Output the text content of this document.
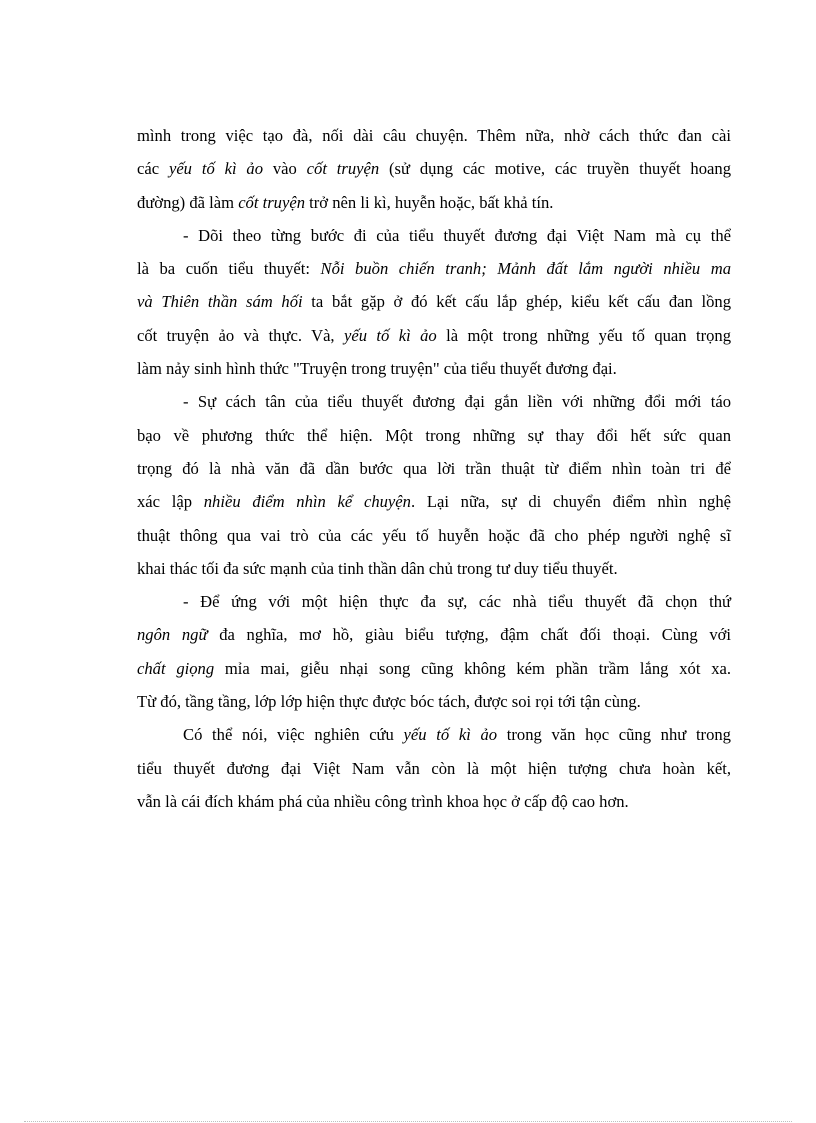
mình trong việc tạo đà, nối dài câu chuyện. Thêm nữa, nhờ cách thức đan cài
các yếu tố kì ảo vào cốt truyện (sử dụng các motive, các truyền thuyết hoang
đường) đã làm cốt truyện trở nên li kì, huyễn hoặc, bất khả tín.

- Dõi theo từng bước đi của tiểu thuyết đương đại Việt Nam mà cụ thể
là ba cuốn tiểu thuyết: Nỗi buồn chiến tranh; Mảnh đất lắm người nhiều ma
và Thiên thần sám hối ta bắt gặp ở đó kết cấu lắp ghép, kiểu kết cấu đan lồng
cốt truyện ảo và thực. Và, yếu tố kì ảo là một trong những yếu tố quan trọng
làm nảy sinh hình thức "Truyện trong truyện" của tiểu thuyết đương đại.

- Sự cách tân của tiểu thuyết đương đại gắn liền với những đổi mới táo
bạo về phương thức thể hiện. Một trong những sự thay đổi hết sức quan
trọng đó là nhà văn đã dần bước qua lời trần thuật từ điểm nhìn toàn tri để
xác lập nhiều điểm nhìn kể chuyện. Lại nữa, sự di chuyển điểm nhìn nghệ
thuật thông qua vai trò của các yếu tố huyễn hoặc đã cho phép người nghệ sĩ
khai thác tối đa sức mạnh của tinh thần dân chủ trong tư duy tiểu thuyết.

- Để ứng với một hiện thực đa sự, các nhà tiểu thuyết đã chọn thứ
ngôn ngữ đa nghĩa, mơ hồ, giàu biểu tượng, đậm chất đối thoại. Cùng với
chất giọng mỉa mai, giễu nhại song cũng không kém phần trầm lắng xót xa.
Từ đó, tầng tầng, lớp lớp hiện thực được bóc tách, được soi rọi tới tận cùng.

Có thể nói, việc nghiên cứu yếu tố kì ảo trong văn học cũng như trong
tiểu thuyết đương đại Việt Nam vẫn còn là một hiện tượng chưa hoàn kết,
vẫn là cái đích khám phá của nhiều công trình khoa học ở cấp độ cao hơn.
